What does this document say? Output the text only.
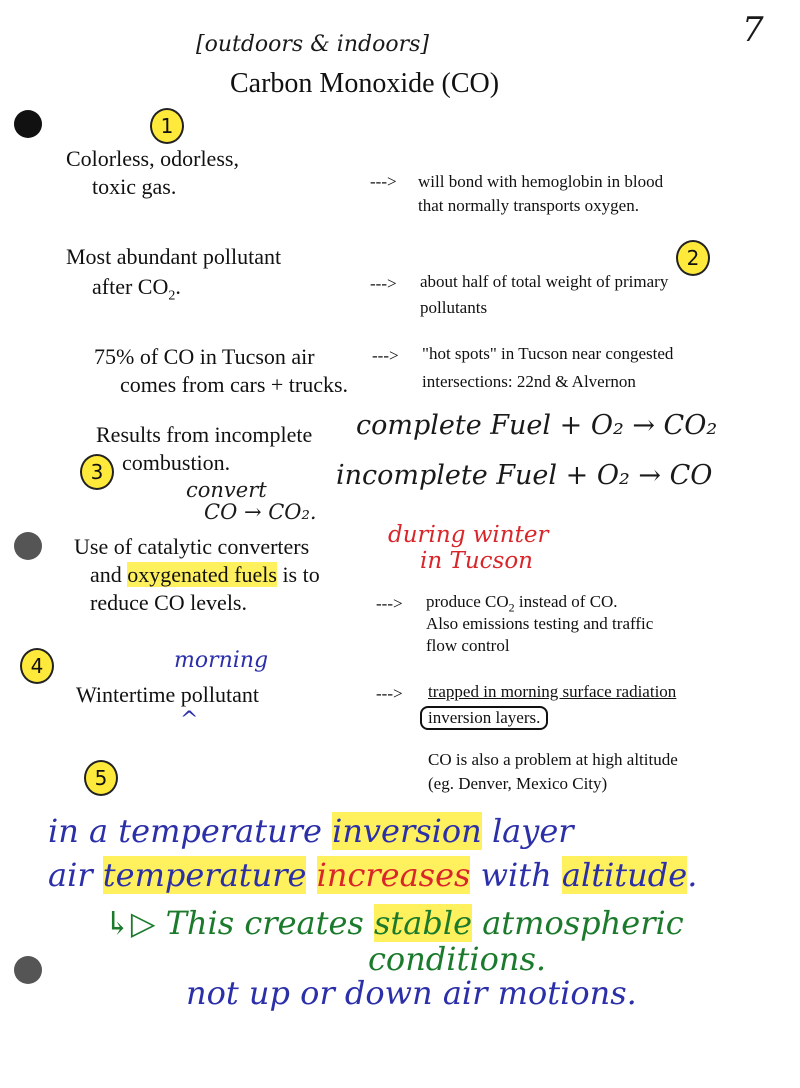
[outdoors & indoors]
Carbon Monoxide (CO)
7
1
2
3
4
5
Colorless, odorless,
toxic gas.	---> will bond with hemoglobin in blood
that normally transports oxygen.
Most abundant pollutant
after $CO_2$.	---> about half of total weight of primary
pollutants
75% of CO in Tucson air
comes from cars + trucks.
---> "hot spots" in Tucson near congested
intersections: 22nd & Alvernon
Results from incomplete complete Fuel + O₂ → CO₂
combustion.	incomplete Fuel + O₂ → CO
convert
CO → CO₂.
Use of catalytic converters
and oxygenated fuels is to
reduce CO levels.
during winter
in Tucson
---> produce $CO_2$ instead of CO.
Also emissions testing and traffic
flow control
morning
Wintertime pollutant
^
---> trapped in morning surface radiation
inversion layers.
CO is also a problem at high altitude
(eg. Denver, Mexico City)
in a temperature inversion layer
air temperature increases with altitude.
↳▷ This creates stable atmospheric
conditions.
not up or down air motions.
